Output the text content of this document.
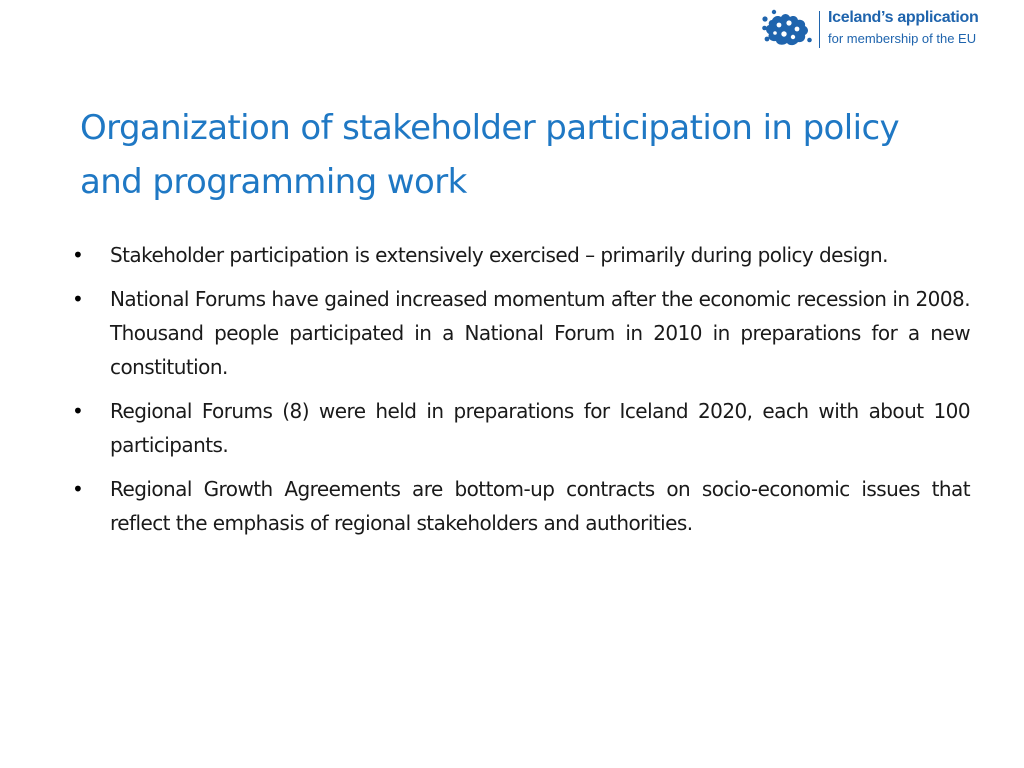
Iceland’s application
for membership of the EU
Organization of stakeholder participation in policy and programming work
• Stakeholder participation is extensively exercised – primarily during policy design.
• National Forums have gained increased momentum after the economic recession in 2008. Thousand people participated in a National Forum in 2010 in preparations for a new constitution.
• Regional Forums (8) were held in preparations for Iceland 2020, each with about 100 participants.
• Regional Growth Agreements are bottom-up contracts on socio-economic issues that reflect the emphasis of regional stakeholders and authorities.
